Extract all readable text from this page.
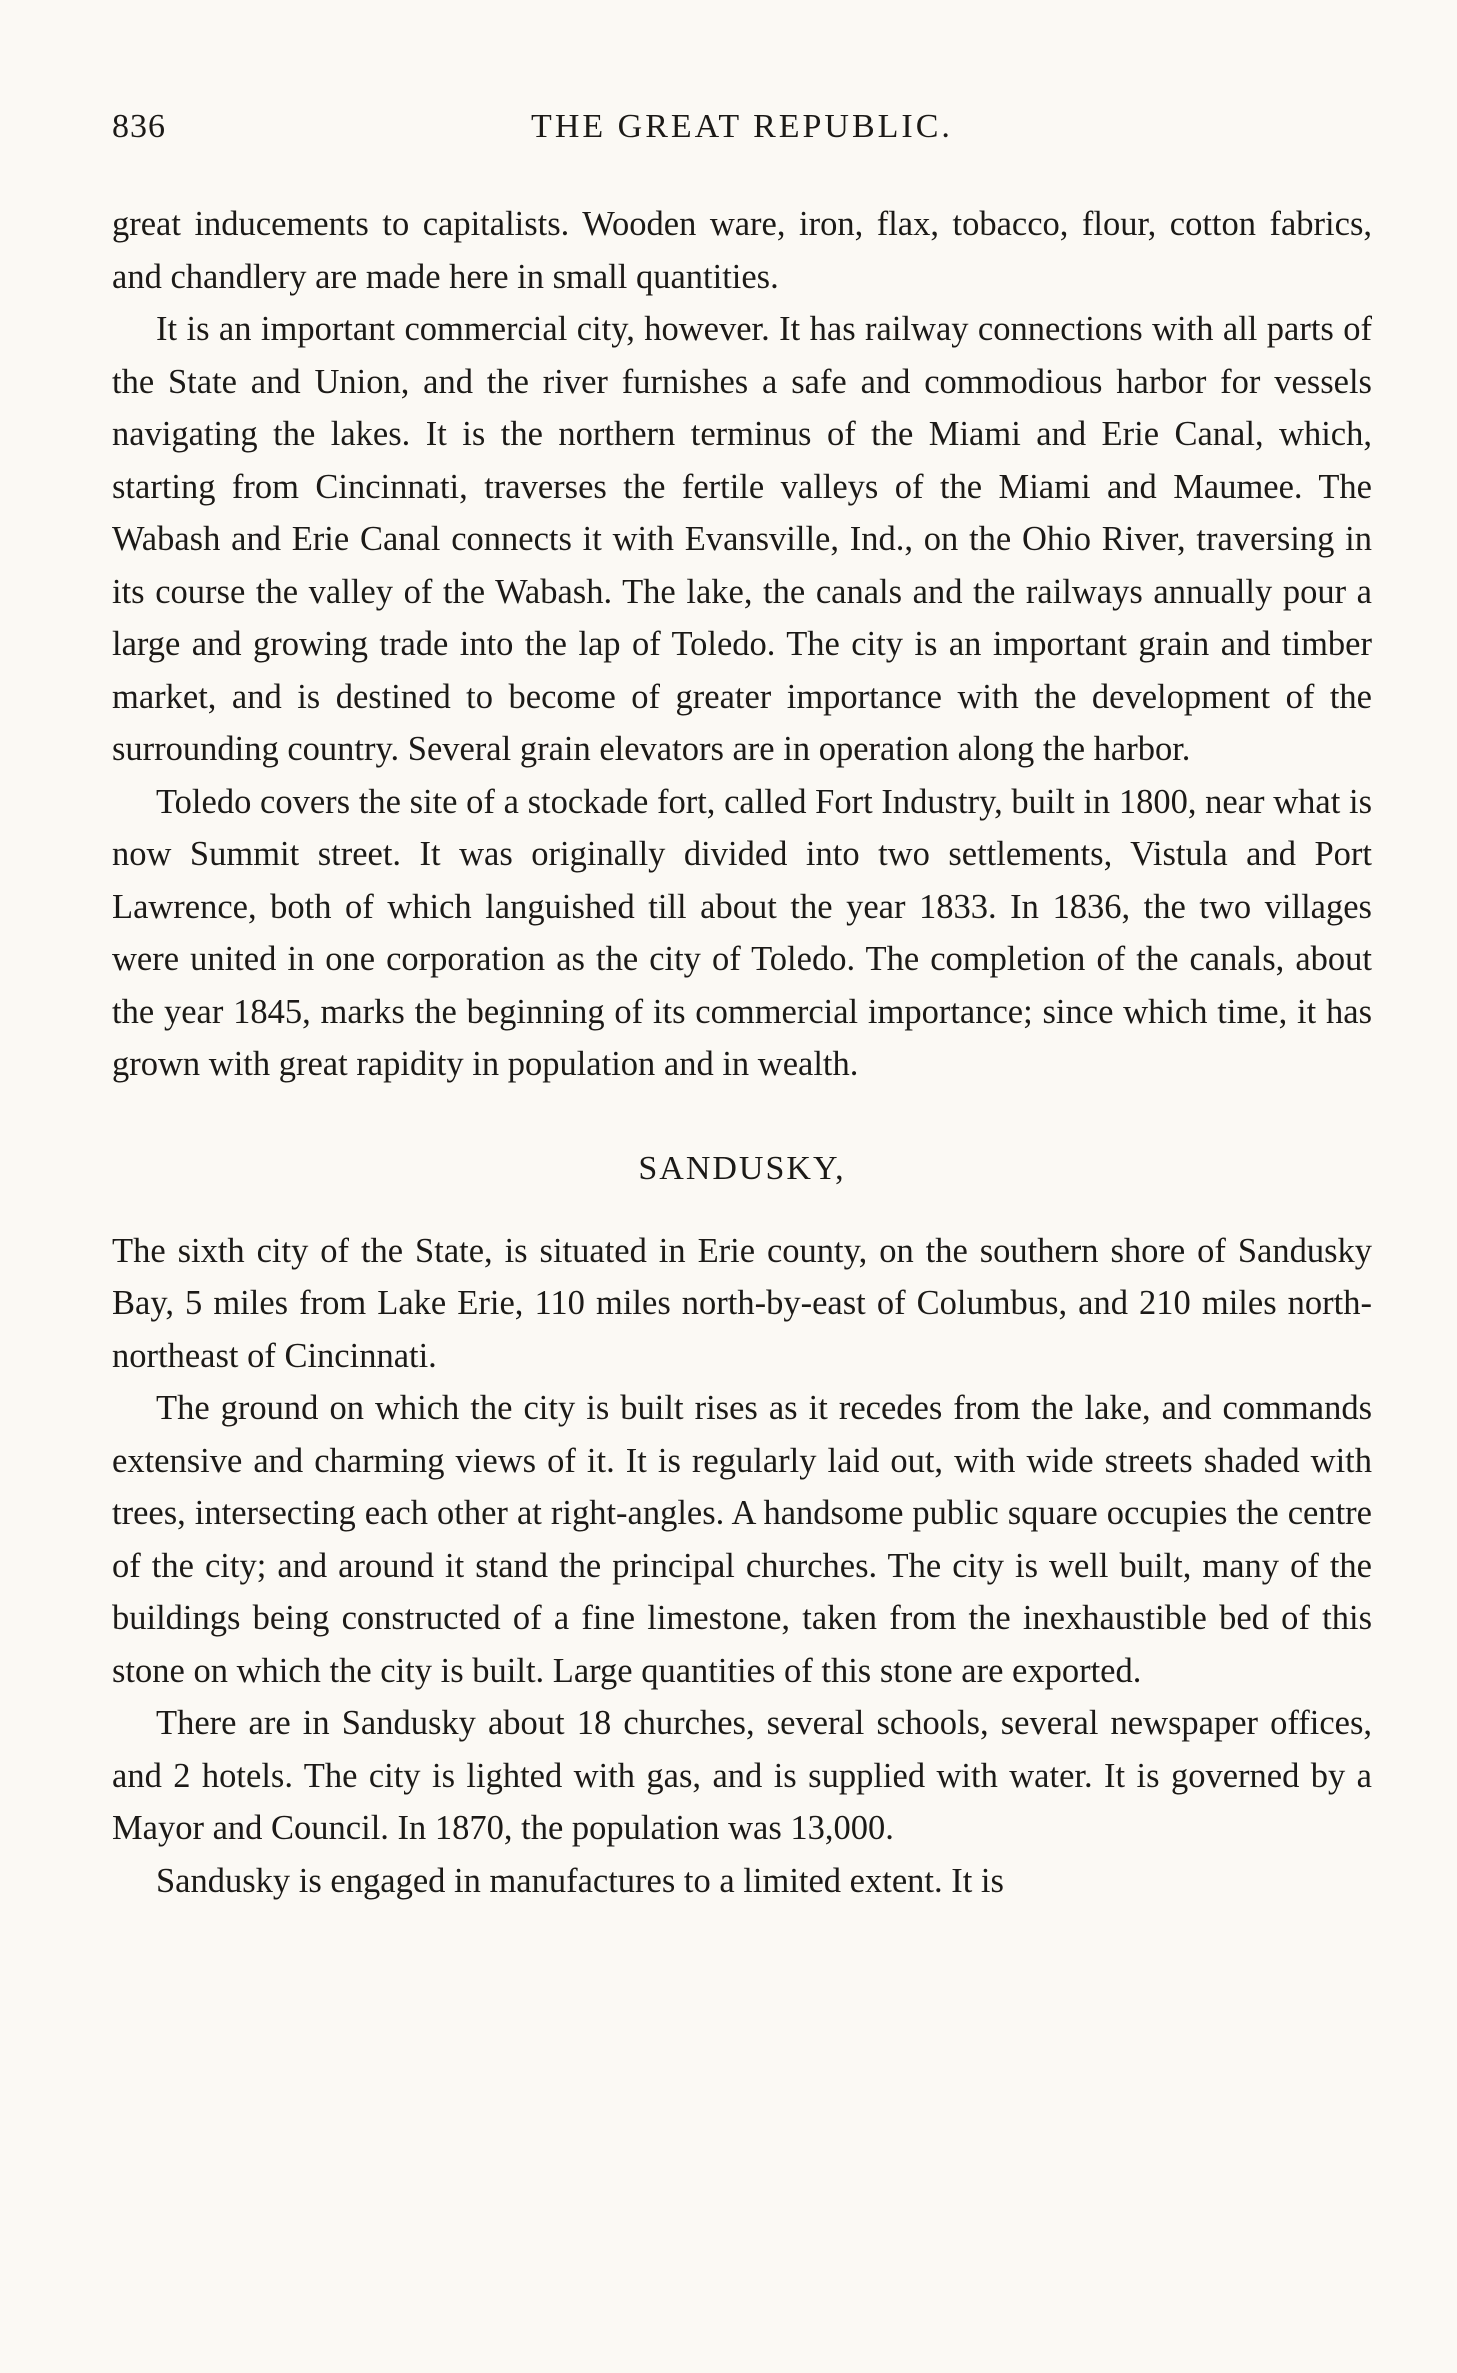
836	THE GREAT REPUBLIC.

great inducements to capitalists. Wooden ware, iron, flax, tobacco, flour, cotton fabrics, and chandlery are made here in small quantities.

It is an important commercial city, however. It has railway connections with all parts of the State and Union, and the river furnishes a safe and commodious harbor for vessels navigating the lakes. It is the northern terminus of the Miami and Erie Canal, which, starting from Cincinnati, traverses the fertile valleys of the Miami and Maumee. The Wabash and Erie Canal connects it with Evansville, Ind., on the Ohio River, traversing in its course the valley of the Wabash. The lake, the canals and the railways annually pour a large and growing trade into the lap of Toledo. The city is an important grain and timber market, and is destined to become of greater importance with the development of the surrounding country. Several grain elevators are in operation along the harbor.

Toledo covers the site of a stockade fort, called Fort Industry, built in 1800, near what is now Summit street. It was originally divided into two settlements, Vistula and Port Lawrence, both of which languished till about the year 1833. In 1836, the two villages were united in one corporation as the city of Toledo. The completion of the canals, about the year 1845, marks the beginning of its commercial importance; since which time, it has grown with great rapidity in population and in wealth.

SANDUSKY,

The sixth city of the State, is situated in Erie county, on the southern shore of Sandusky Bay, 5 miles from Lake Erie, 110 miles north-by-east of Columbus, and 210 miles north-northeast of Cincinnati.

The ground on which the city is built rises as it recedes from the lake, and commands extensive and charming views of it. It is regularly laid out, with wide streets shaded with trees, intersecting each other at right-angles. A handsome public square occupies the centre of the city; and around it stand the principal churches. The city is well built, many of the buildings being constructed of a fine limestone, taken from the inexhaustible bed of this stone on which the city is built. Large quantities of this stone are exported.

There are in Sandusky about 18 churches, several schools, several newspaper offices, and 2 hotels. The city is lighted with gas, and is supplied with water. It is governed by a Mayor and Council. In 1870, the population was 13,000.

Sandusky is engaged in manufactures to a limited extent. It is
